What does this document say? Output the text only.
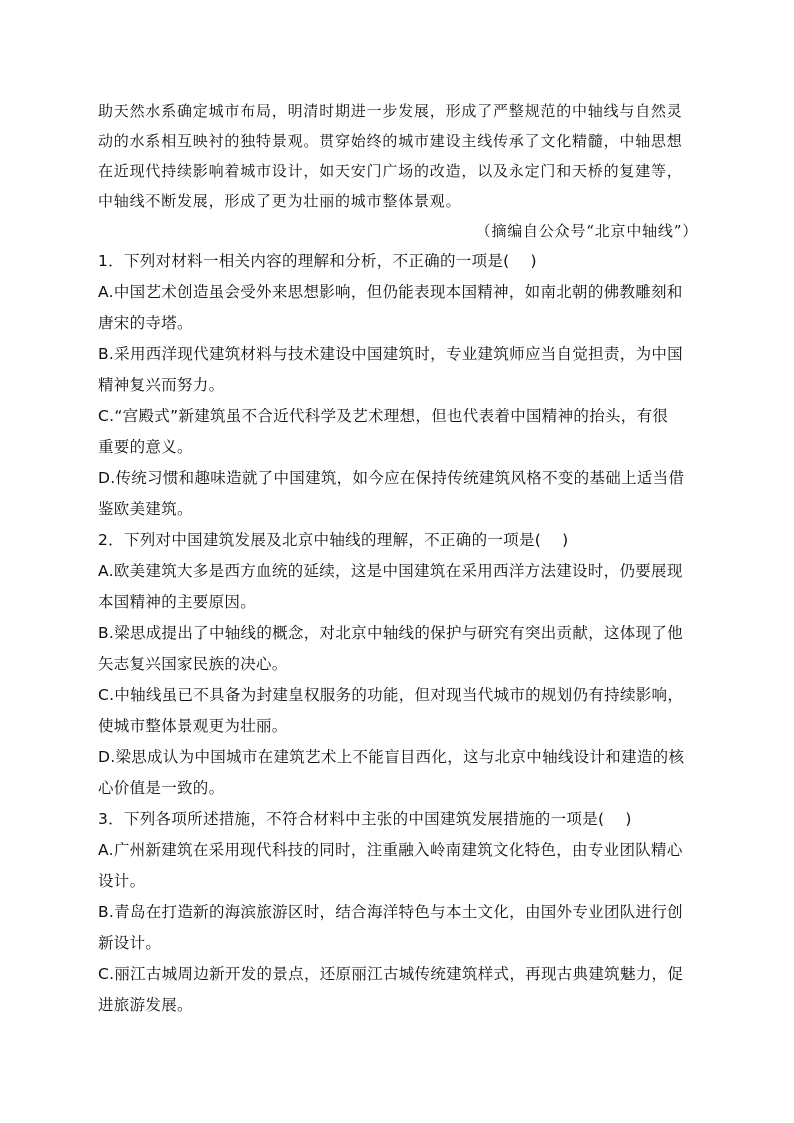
助天然水系确定城市布局，明清时期进一步发展，形成了严整规范的中轴线与自然灵
动的水系相互映衬的独特景观。贯穿始终的城市建设主线传承了文化精髓，中轴思想
在近现代持续影响着城市设计，如天安门广场的改造，以及永定门和天桥的复建等，
中轴线不断发展，形成了更为壮丽的城市整体景观。
（摘编自公众号“北京中轴线”）
1．下列对材料一相关内容的理解和分析，不正确的一项是(　 )
A.中国艺术创造虽会受外来思想影响，但仍能表现本国精神，如南北朝的佛教雕刻和
唐宋的寺塔。
B.采用西洋现代建筑材料与技术建设中国建筑时，专业建筑师应当自觉担责，为中国
精神复兴而努力。
C.“宫殿式”新建筑虽不合近代科学及艺术理想，但也代表着中国精神的抬头，有很
重要的意义。
D.传统习惯和趣味造就了中国建筑，如今应在保持传统建筑风格不变的基础上适当借
鉴欧美建筑。
2．下列对中国建筑发展及北京中轴线的理解，不正确的一项是(　 )
A.欧美建筑大多是西方血统的延续，这是中国建筑在采用西洋方法建设时，仍要展现
本国精神的主要原因。
B.梁思成提出了中轴线的概念，对北京中轴线的保护与研究有突出贡献，这体现了他
矢志复兴国家民族的决心。
C.中轴线虽已不具备为封建皇权服务的功能，但对现当代城市的规划仍有持续影响，
使城市整体景观更为壮丽。
D.梁思成认为中国城市在建筑艺术上不能盲目西化，这与北京中轴线设计和建造的核
心价值是一致的。
3．下列各项所述措施，不符合材料中主张的中国建筑发展措施的一项是(　 )
A.广州新建筑在采用现代科技的同时，注重融入岭南建筑文化特色，由专业团队精心
设计。
B.青岛在打造新的海滨旅游区时，结合海洋特色与本土文化，由国外专业团队进行创
新设计。
C.丽江古城周边新开发的景点，还原丽江古城传统建筑样式，再现古典建筑魅力，促
进旅游发展。
